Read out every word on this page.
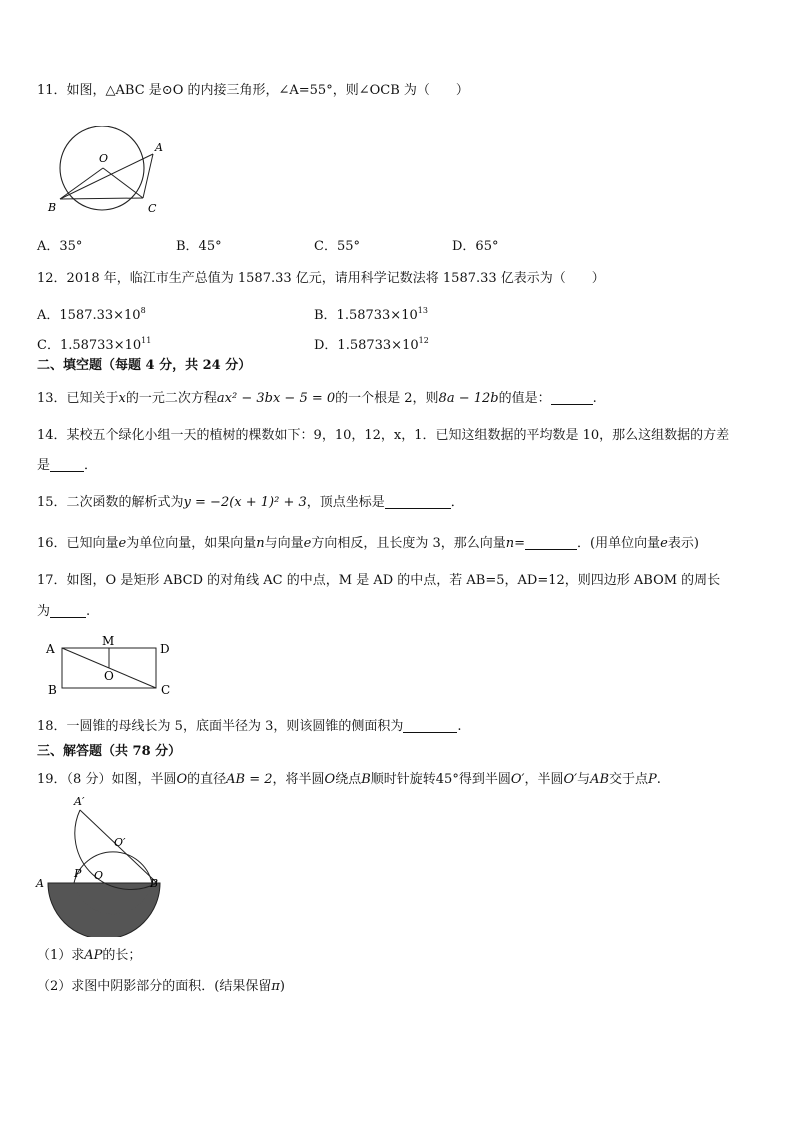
11．如图，△ABC 是⊙O 的内接三角形，∠A=55°，则∠OCB 为（　　）
O
A
B	C
A．35°	B．45°	C．55°	D．65°
12．2018 年，临江市生产总值为 1587.33 亿元，请用科学记数法将 1587.33 亿表示为（　　）
A．$1587.33\times 10^8$	B．$1.58733\times 10^{13}$
C．$1.58733\times 10^{11}$	D．$1.58733\times 10^{12}$
二、填空题（每题 4 分，共 24 分）
13．已知关于x的一元二次方程ax² − 3bx − 5 = 0的一个根是 2，则8a − 12b的值是：	.
14．某校五个绿化小组一天的植树的棵数如下：9，10，12，x，1．已知这组数据的平均数是 10，那么这组数据的方差
是	．
15．二次函数的解析式为y = −2(x + 1)² + 3，顶点坐标是	．
16．已知向量e为单位向量，如果向量n与向量e方向相反，且长度为 3，那么向量n=	．(用单位向量e表示)
17．如图，O 是矩形 ABCD 的对角线 AC 的中点，M 是 AD 的中点，若 AB=5，AD=12，则四边形 ABOM 的周长
为	.
A
M
D
O
B	C
18．一圆锥的母线长为 5，底面半径为 3，则该圆锥的侧面积为	.
三、解答题（共 78 分）
19．（8 分）如图，半圆O的直径AB = 2，将半圆O绕点B顺时针旋转45°得到半圆O′，半圆O′与AB交于点P.
A′
O′
A
P O
B
（1）求AP的长；
（2）求图中阴影部分的面积．(结果保留π)
